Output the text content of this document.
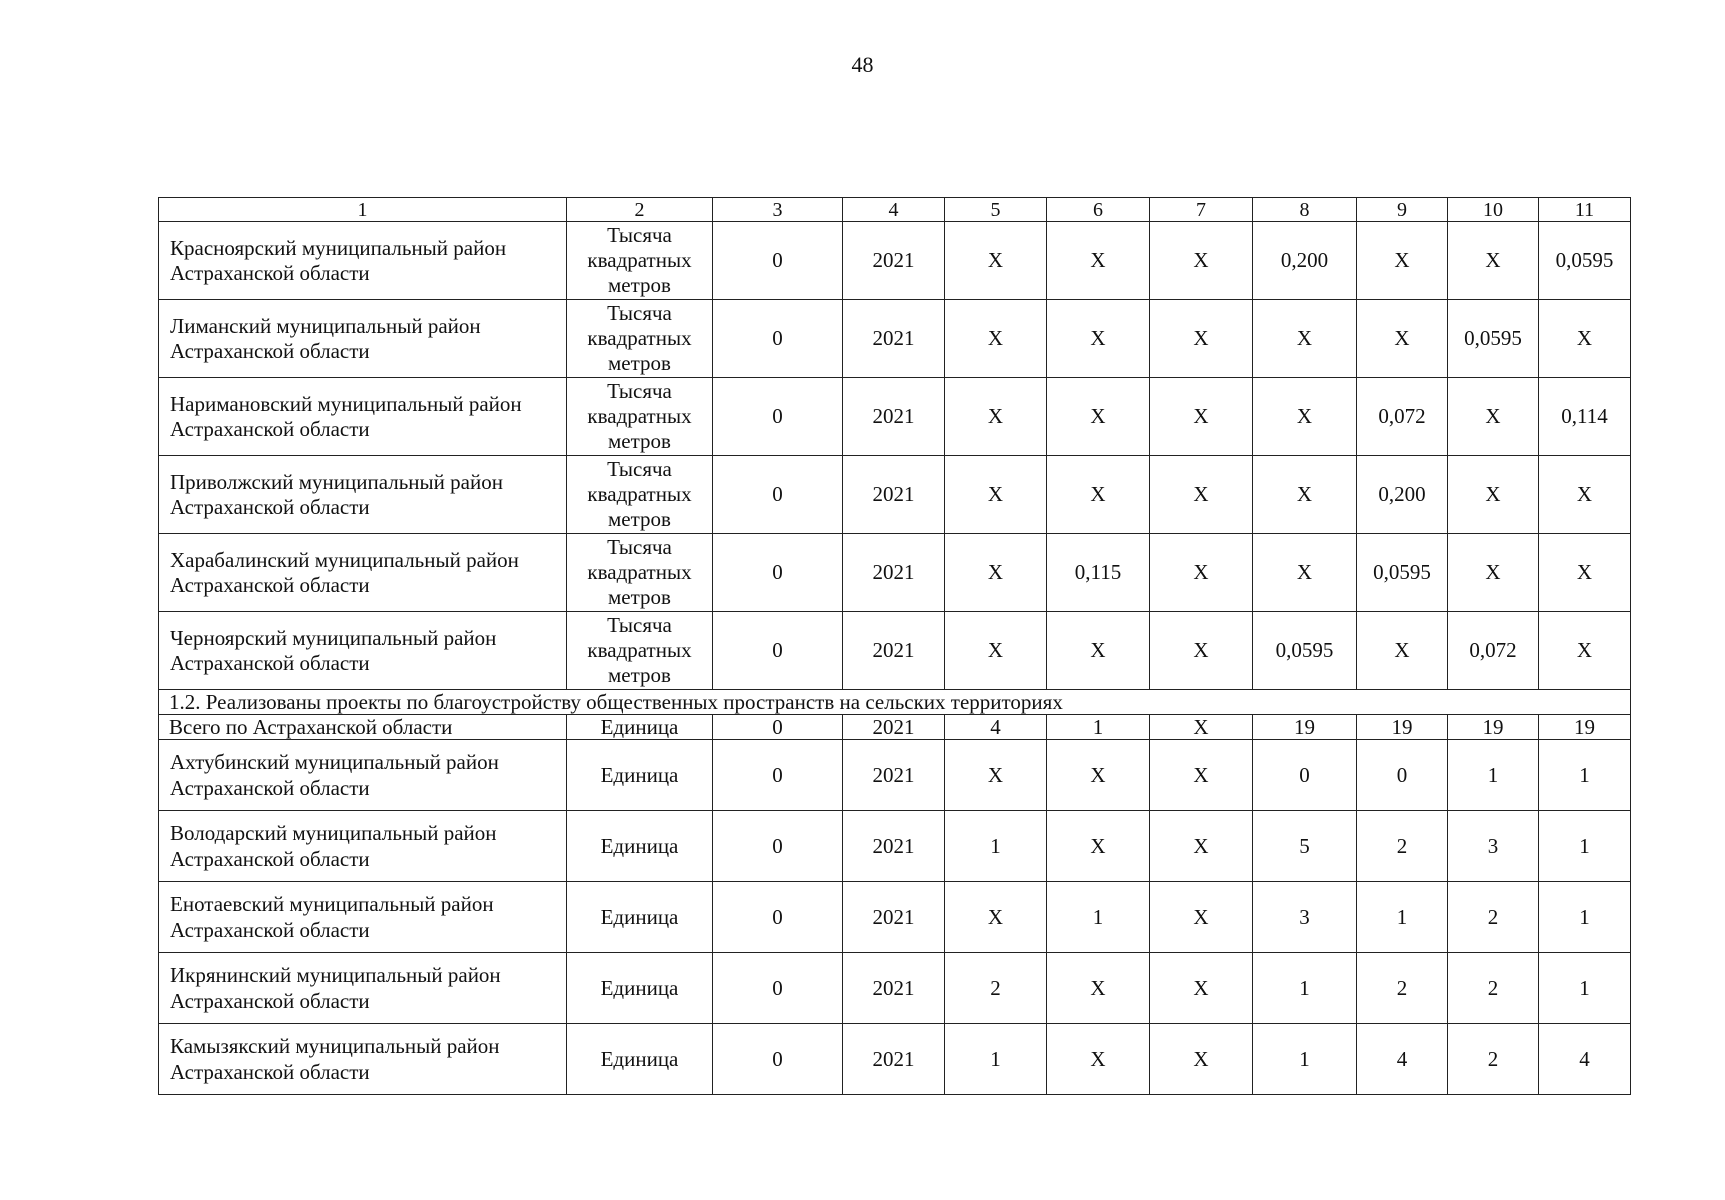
48
1	2	3	4	5	6	7	8	9	10	11
Красноярский муниципальный район
Астраханской области	Тысяча
квадратных
метров	0	2021	Х	Х	Х	0,200	Х	Х	0,0595
Лиманский муниципальный район
Астраханской области	Тысяча
квадратных
метров	0	2021	Х	Х	Х	Х	Х	0,0595	Х
Наримановский муниципальный район
Астраханской области	Тысяча
квадратных
метров	0	2021	Х	Х	Х	Х	0,072	Х	0,114
Приволжский муниципальный район
Астраханской области	Тысяча
квадратных
метров	0	2021	Х	Х	Х	Х	0,200	Х	Х
Харабалинский муниципальный район
Астраханской области	Тысяча
квадратных
метров	0	2021	Х	0,115	Х	Х	0,0595	Х	Х
Черноярский муниципальный район
Астраханской области	Тысяча
квадратных
метров	0	2021	Х	Х	Х	0,0595	Х	0,072	Х
1.2. Реализованы проекты по благоустройству общественных пространств на сельских территориях										
Всего по Астраханской области	Единица	0	2021	4	1	Х	19	19	19	19
Ахтубинский муниципальный район
Астраханской области	Единица	0	2021	Х	Х	Х	0	0	1	1
Володарский муниципальный район
Астраханской области	Единица	0	2021	1	Х	Х	5	2	3	1
Енотаевский муниципальный район
Астраханской области	Единица	0	2021	Х	1	Х	3	1	2	1
Икрянинский муниципальный район
Астраханской области	Единица	0	2021	2	Х	Х	1	2	2	1
Камызякский муниципальный район
Астраханской области	Единица	0	2021	1	Х	Х	1	4	2	4
